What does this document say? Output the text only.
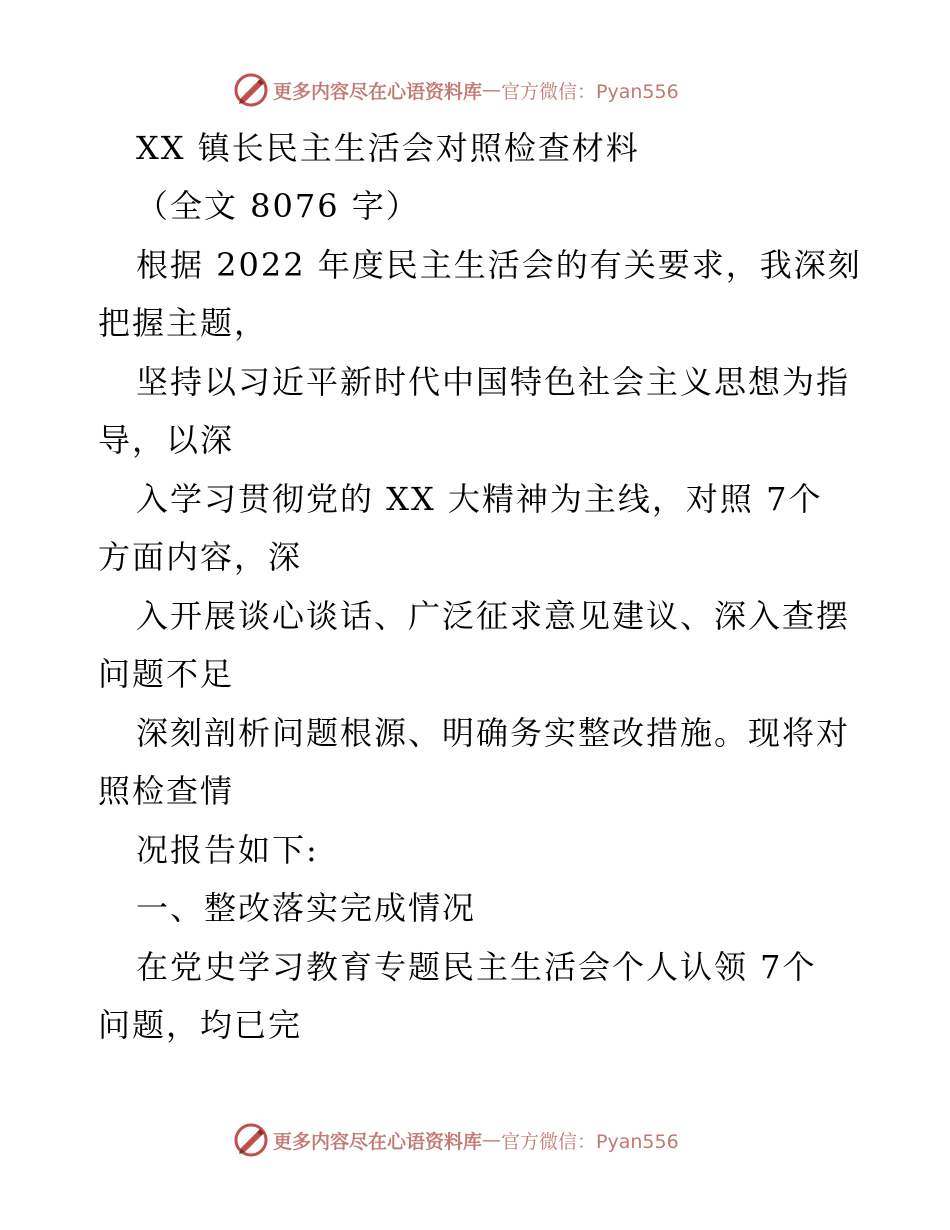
更多内容尽在心语资料库 — 官方微信：Pyan556

XX 镇长民主生活会对照检查材料

（全文 8076 字）

根据 2022 年度民主生活会的有关要求，我深刻

把握主题，

坚持以习近平新时代中国特色社会主义思想为指

导，以深

入学习贯彻党的 XX 大精神为主线，对照 7个

方面内容，深

入开展谈心谈话、广泛征求意见建议、深入查摆

问题不足

深刻剖析问题根源、明确务实整改措施。现将对

照检查情

况报告如下:

一、整改落实完成情况

在党史学习教育专题民主生活会个人认领 7个

问题，均已完

更多内容尽在心语资料库 — 官方微信：Pyan556
